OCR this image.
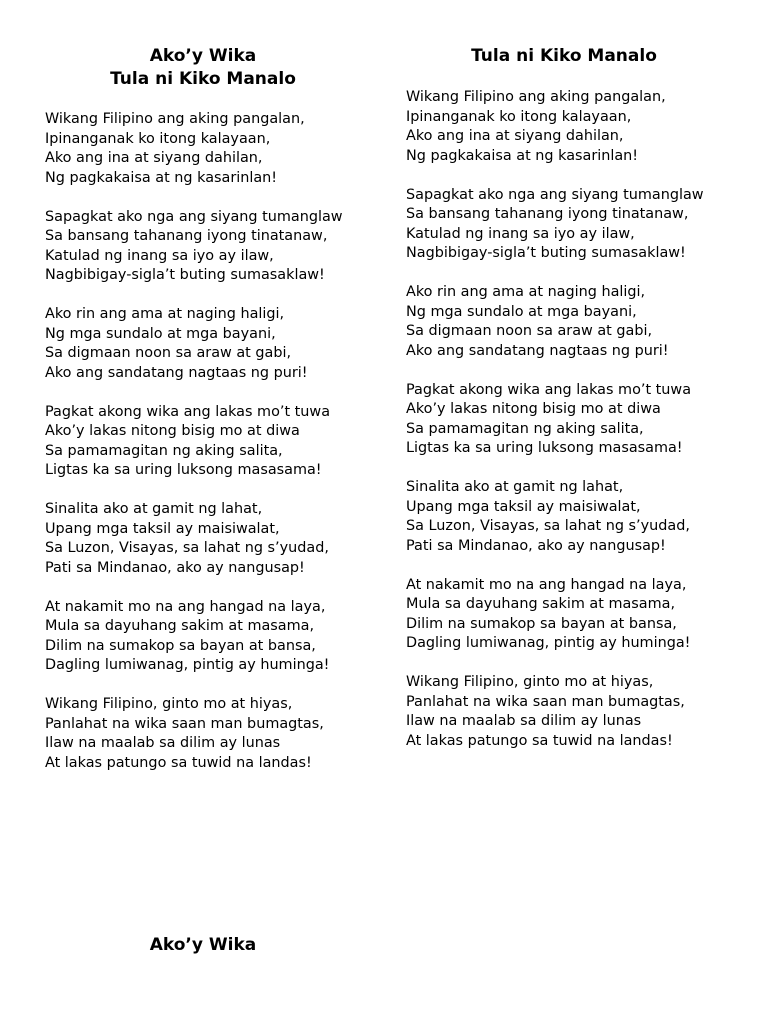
Ako’y Wika

Tula ni Kiko Manalo

Wikang Filipino ang aking pangalan,
Ipinanganak ko itong kalayaan,
Ako ang ina at siyang dahilan,
Ng pagkakaisa at ng kasarinlan!
Sapagkat ako nga ang siyang tumanglaw
Sa bansang tahanang iyong tinatanaw,
Katulad ng inang sa iyo ay ilaw,
Nagbibigay-sigla’t buting sumasaklaw!
Ako rin ang ama at naging haligi,
Ng mga sundalo at mga bayani,
Sa digmaan noon sa araw at gabi,
Ako ang sandatang nagtaas ng puri!
Pagkat akong wika ang lakas mo’t tuwa
Ako’y lakas nitong bisig mo at diwa
Sa pamamagitan ng aking salita,
Ligtas ka sa uring luksong masasama!
Sinalita ako at gamit ng lahat,
Upang mga taksil ay maisiwalat,
Sa Luzon, Visayas, sa lahat ng s’yudad,
Pati sa Mindanao, ako ay nangusap!
At nakamit mo na ang hangad na laya,
Mula sa dayuhang sakim at masama,
Dilim na sumakop sa bayan at bansa,
Dagling lumiwanag, pintig ay huminga!
Wikang Filipino, ginto mo at hiyas,
Panlahat na wika saan man bumagtas,
Ilaw na maalab sa dilim ay lunas
At lakas patungo sa tuwid na landas!

Tula ni Kiko Manalo

Wikang Filipino ang aking pangalan,
Ipinanganak ko itong kalayaan,
Ako ang ina at siyang dahilan,
Ng pagkakaisa at ng kasarinlan!
Sapagkat ako nga ang siyang tumanglaw
Sa bansang tahanang iyong tinatanaw,
Katulad ng inang sa iyo ay ilaw,
Nagbibigay-sigla’t buting sumasaklaw!
Ako rin ang ama at naging haligi,
Ng mga sundalo at mga bayani,
Sa digmaan noon sa araw at gabi,
Ako ang sandatang nagtaas ng puri!
Pagkat akong wika ang lakas mo’t tuwa
Ako’y lakas nitong bisig mo at diwa
Sa pamamagitan ng aking salita,
Ligtas ka sa uring luksong masasama!
Sinalita ako at gamit ng lahat,
Upang mga taksil ay maisiwalat,
Sa Luzon, Visayas, sa lahat ng s’yudad,
Pati sa Mindanao, ako ay nangusap!
At nakamit mo na ang hangad na laya,
Mula sa dayuhang sakim at masama,
Dilim na sumakop sa bayan at bansa,
Dagling lumiwanag, pintig ay huminga!
Wikang Filipino, ginto mo at hiyas,
Panlahat na wika saan man bumagtas,
Ilaw na maalab sa dilim ay lunas
At lakas patungo sa tuwid na landas!
Ako’y Wika
